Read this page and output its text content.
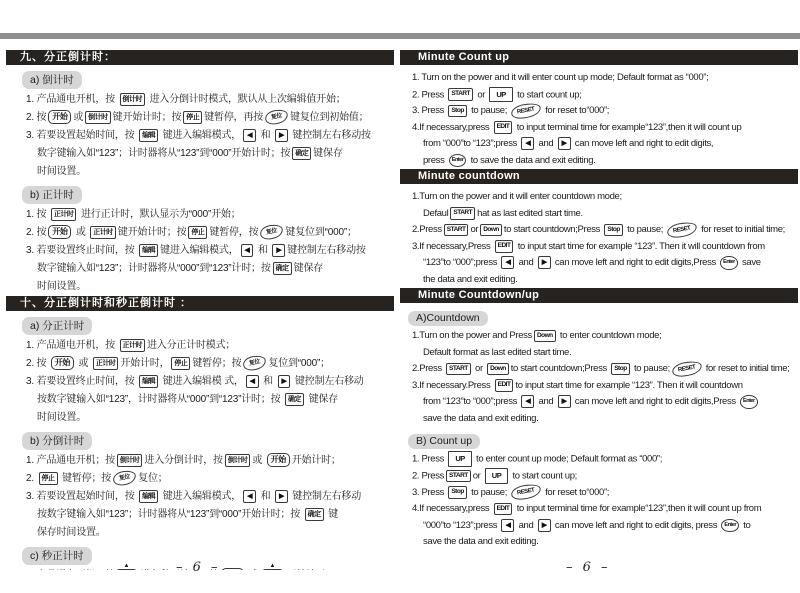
九、分正倒计时：
a) 倒计时
1. 产品通电开机，按 倒计时 进入分倒计时模式，默认从上次编辑值开始；
2. 按 开始 或 倒计时 键开始计时；按 停止 键暂停，再按 复位 键复位到初始值；
3. 若要设置起始时间，按 编辑 键进入编辑模式， ◀ 和 ▶ 键控制左右移动按
数字键输入如“123”；计时器将从“123”到“000”开始计时；按 确定 键保存
时间设置。
b) 正计时
1. 按 正计时 进行正计时，默认显示为“000”开始；
2. 按 开始 或 正计时 键开始计时；按 停止 键暂停，按 复位 键复位到“000”；
3. 若要设置终止时间，按 编辑 键进入编辑模式， ◀ 和 ▶ 键控制左右移动按
数字键输入如“123”；计时器将从“000”到“123”计时；按 确定 键保存
时间设置。
十、分正倒计时和秒正倒计时 ：
a) 分正计时
1. 产品通电开机，按 正计时 进入分正计时模式；
2. 按 开始 或 正计时 开始计时， 停止 键暂停；按 复位 复位到“000”；
3. 若要设置终止时间，按 编辑 键进入编辑模 式， ◀ 和 ▶ 键控制左右移动
按数字键输入如“123”，计时器将从“000”到“123”计时；按 确定 键保存
时间设置。
b) 分倒计时
1. 产品通电开机；按 倒计时 进入分倒计时，按 倒计时 或 开始 开始计时；
2. 停止 键暂停；按 复位 复位；
3. 若要设置起始时间，按 编辑 键进入编辑模式， ◀ 和 ▶ 键控制左右移动
按数字键输入如“123”；计时器将从“123”到“000”开始计时；按 确定 键
保存时间设置。
c) 秒正计时
▲	▲
Minute Count up
1. Turn on the power and it will enter count up mode; Default format as “000”;
2. Press START or UP to start count up;
3. Press Stop to pause; RESET for reset to“000”;
4.If necessary,press EDIT to input terminal time for example“123”,then it will count up
from “000”to “123”;press ◀ and ▶ can move left and right to edit digits,
press Enter to save the data and exit editing.
Minute countdown
1.Turn on the power and it will enter countdown mode;
Defaul START hat as last edited start time.
2.Press START or Down to start countdown;Press Stop to pause; RESET for reset to initial time;
3.If necessary,Press EDIT to input start time for example “123”. Then it will countdown from
“123”to “000”;press ◀ and ▶ can move left and right to edit digits,Press Enter save
the data and exit editing.
Minute Countdown/up
A)Countdown
1.Turn on the power and Press Down to enter countdown mode;
Default format as last edited start time.
2.Press START or Down to start countdown;Press Stop to pause; RESET for reset to initial time;
3.If necessary.Press EDIT to input start time for example “123”. Then it will countdown
from “123”to “000”;press ◀ and ▶ can move left and right to edit digits,Press Enter
save the data and exit editing.
B) Count up
1. Press UP to enter count up mode; Default format as “000”;
2. Press START or UP to start count up;
3. Press Stop to pause; RESET for reset to“000”;
4.If necessary,press EDIT to input terminal time for example“123”,then it will count up from
“000”to “123”;press ◀ and ▶ can move left and right to edit digits, press Enter to
save the data and exit editing.
– 6 –	– 6 –
